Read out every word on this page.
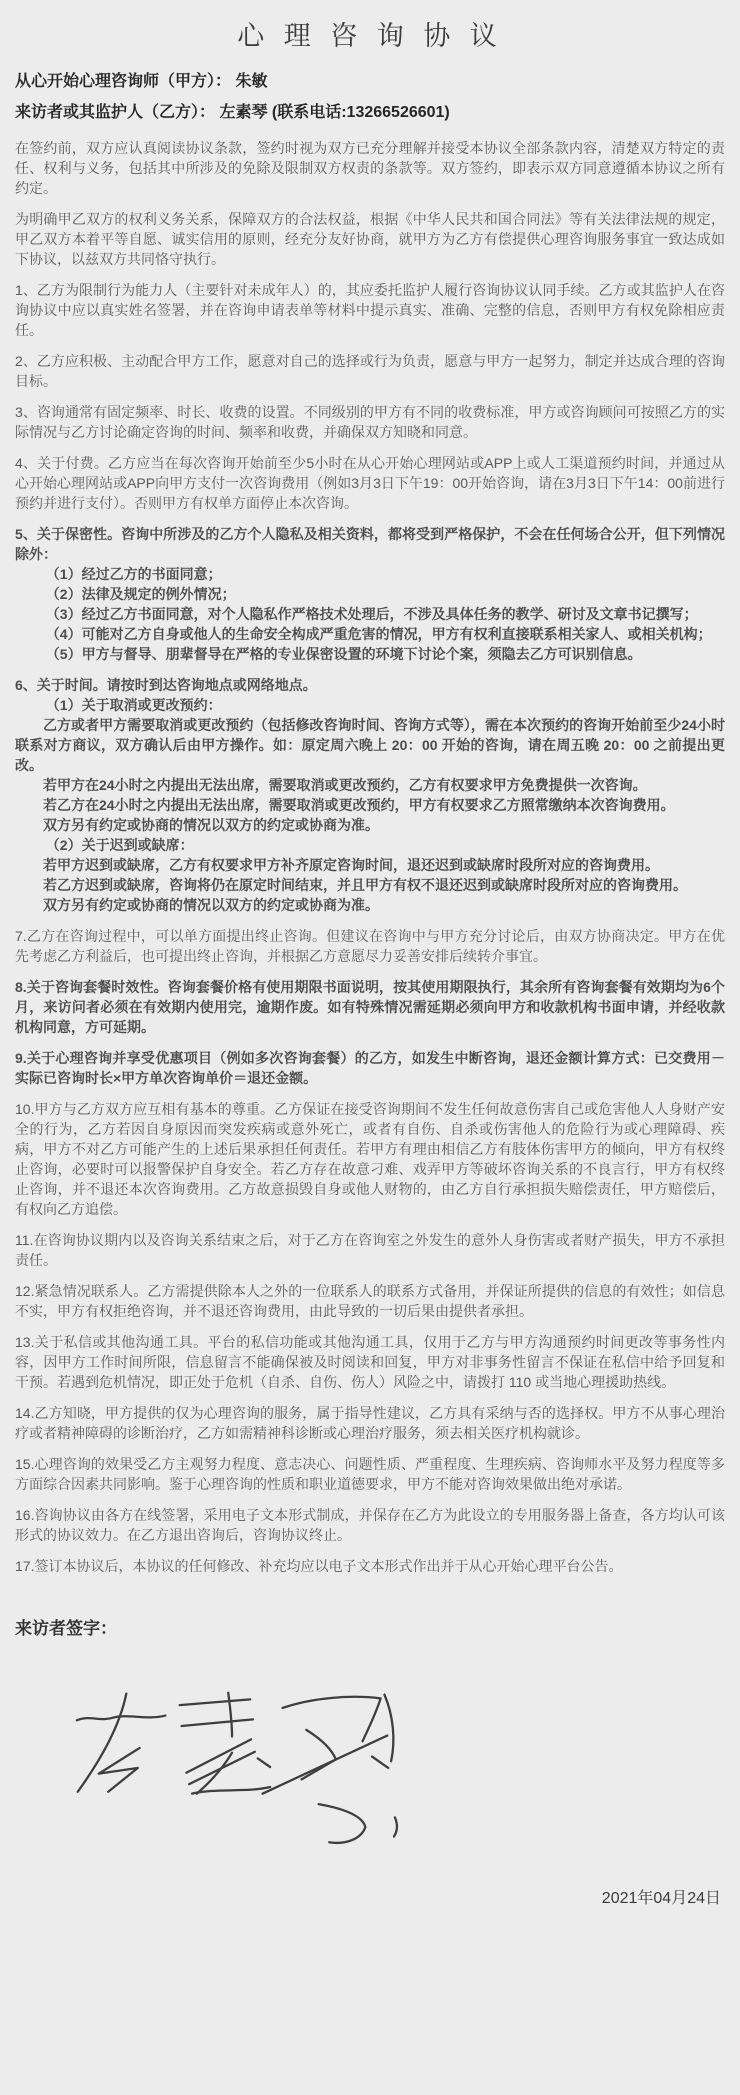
心 理 咨 询 协 议
从心开始心理咨询师（甲方）： 朱敏
来访者或其监护人（乙方）： 左素琴 (联系电话:13266526601)

在签约前，双方应认真阅读协议条款，签约时视为双方已充分理解并接受本协议全部条款内容，清楚双方特定的责任、权利与义务，包括其中所涉及的免除及限制双方权责的条款等。双方签约，即表示双方同意遵循本协议之所有约定。

为明确甲乙双方的权利义务关系，保障双方的合法权益，根据《中华人民共和国合同法》等有关法律法规的规定，甲乙双方本着平等自愿、诚实信用的原则，经充分友好协商，就甲方为乙方有偿提供心理咨询服务事宜一致达成如下协议，以兹双方共同恪守执行。

1、乙方为限制行为能力人（主要针对未成年人）的，其应委托监护人履行咨询协议认同手续。乙方或其监护人在咨询协议中应以真实姓名签署，并在咨询申请表单等材料中提示真实、准确、完整的信息，否则甲方有权免除相应责任。

2、乙方应积极、主动配合甲方工作，愿意对自己的选择或行为负责，愿意与甲方一起努力，制定并达成合理的咨询目标。

3、咨询通常有固定频率、时长、收费的设置。不同级别的甲方有不同的收费标准，甲方或咨询顾问可按照乙方的实际情况与乙方讨论确定咨询的时间、频率和收费，并确保双方知晓和同意。

4、关于付费。乙方应当在每次咨询开始前至少5小时在从心开始心理网站或APP上或人工渠道预约时间，并通过从心开始心理网站或APP向甲方支付一次咨询费用（例如3月3日下午19：00开始咨询，请在3月3日下午14：00前进行预约并进行支付）。否则甲方有权单方面停止本次咨询。

5、关于保密性。咨询中所涉及的乙方个人隐私及相关资料，都将受到严格保护，不会在任何场合公开，但下列情况除外：

（1）经过乙方的书面同意；

（2）法律及规定的例外情况；

（3）经过乙方书面同意，对个人隐私作严格技术处理后，不涉及具体任务的教学、研讨及文章书记撰写；

（4）可能对乙方自身或他人的生命安全构成严重危害的情况，甲方有权利直接联系相关家人、或相关机构；

（5）甲方与督导、朋辈督导在严格的专业保密设置的环境下讨论个案，须隐去乙方可识别信息。

6、关于时间。请按时到达咨询地点或网络地点。

（1）关于取消或更改预约：

乙方或者甲方需要取消或更改预约（包括修改咨询时间、咨询方式等），需在本次预约的咨询开始前至少24小时联系对方商议，双方确认后由甲方操作。如：原定周六晚上 20：00 开始的咨询，请在周五晚 20：00 之前提出更改。

若甲方在24小时之内提出无法出席，需要取消或更改预约，乙方有权要求甲方免费提供一次咨询。

若乙方在24小时之内提出无法出席，需要取消或更改预约，甲方有权要求乙方照常缴纳本次咨询费用。

双方另有约定或协商的情况以双方的约定或协商为准。

（2）关于迟到或缺席：

若甲方迟到或缺席，乙方有权要求甲方补齐原定咨询时间，退还迟到或缺席时段所对应的咨询费用。

若乙方迟到或缺席，咨询将仍在原定时间结束，并且甲方有权不退还迟到或缺席时段所对应的咨询费用。

双方另有约定或协商的情况以双方的约定或协商为准。

7.乙方在咨询过程中，可以单方面提出终止咨询。但建议在咨询中与甲方充分讨论后，由双方协商决定。甲方在优先考虑乙方利益后，也可提出终止咨询，并根据乙方意愿尽力妥善安排后续转介事宜。

8.关于咨询套餐时效性。咨询套餐价格有使用期限书面说明，按其使用期限执行，其余所有咨询套餐有效期均为6个月，来访问者必须在有效期内使用完，逾期作废。如有特殊情况需延期必须向甲方和收款机构书面申请，并经收款机构同意，方可延期。

9.关于心理咨询并享受优惠项目（例如多次咨询套餐）的乙方，如发生中断咨询，退还金额计算方式：已交费用－实际已咨询时长×甲方单次咨询单价＝退还金额。

10.甲方与乙方双方应互相有基本的尊重。乙方保证在接受咨询期间不发生任何故意伤害自己或危害他人人身财产安全的行为，乙方若因自身原因而突发疾病或意外死亡，或者有自伤、自杀或伤害他人的危险行为或心理障碍、疾病，甲方不对乙方可能产生的上述后果承担任何责任。若甲方有理由相信乙方有肢体伤害甲方的倾向，甲方有权终止咨询，必要时可以报警保护自身安全。若乙方存在故意刁难、戏弄甲方等破坏咨询关系的不良言行，甲方有权终止咨询，并不退还本次咨询费用。乙方故意损毁自身或他人财物的，由乙方自行承担损失赔偿责任，甲方赔偿后，有权向乙方追偿。

11.在咨询协议期内以及咨询关系结束之后，对于乙方在咨询室之外发生的意外人身伤害或者财产损失，甲方不承担责任。

12.紧急情况联系人。乙方需提供除本人之外的一位联系人的联系方式备用，并保证所提供的信息的有效性；如信息不实，甲方有权拒绝咨询，并不退还咨询费用，由此导致的一切后果由提供者承担。

13.关于私信或其他沟通工具。平台的私信功能或其他沟通工具，仅用于乙方与甲方沟通预约时间更改等事务性内容，因甲方工作时间所限，信息留言不能确保被及时阅读和回复，甲方对非事务性留言不保证在私信中给予回复和干预。若遇到危机情况，即正处于危机（自杀、自伤、伤人）风险之中，请拨打 110 或当地心理援助热线。

14.乙方知晓，甲方提供的仅为心理咨询的服务，属于指导性建议，乙方具有采纳与否的选择权。甲方不从事心理治疗或者精神障碍的诊断治疗，乙方如需精神科诊断或心理治疗服务，须去相关医疗机构就诊。

15.心理咨询的效果受乙方主观努力程度、意志决心、问题性质、严重程度、生理疾病、咨询师水平及努力程度等多方面综合因素共同影响。鉴于心理咨询的性质和职业道德要求，甲方不能对咨询效果做出绝对承诺。

16.咨询协议由各方在线签署，采用电子文本形式制成，并保存在乙方为此设立的专用服务器上备查，各方均认可该形式的协议效力。在乙方退出咨询后，咨询协议终止。

17.签订本协议后，本协议的任何修改、补充均应以电子文本形式作出并于从心开始心理平台公告。

来访者签字：
2021年04月24日
